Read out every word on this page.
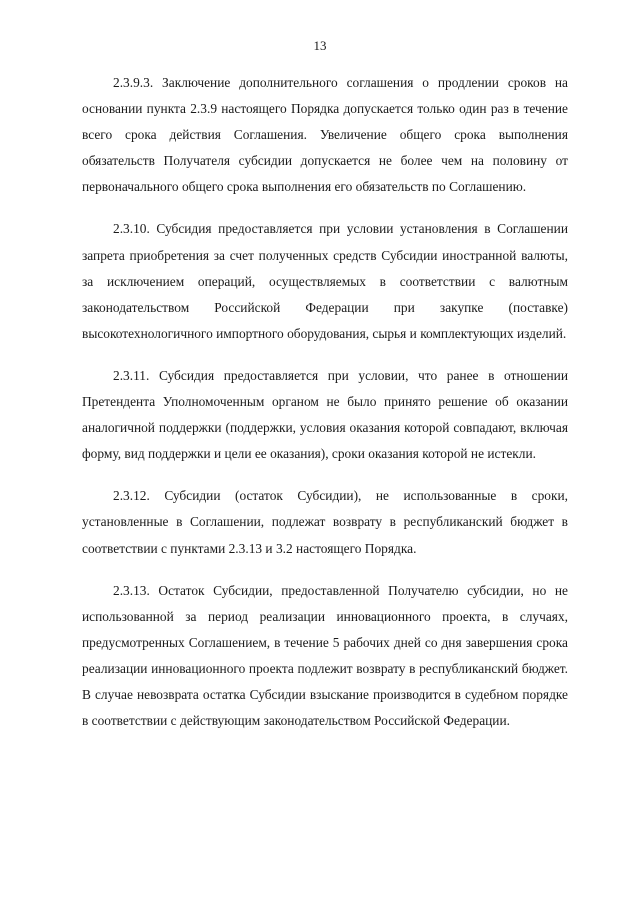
13

2.3.9.3. Заключение дополнительного соглашения о продлении сроков на основании пункта 2.3.9 настоящего Порядка допускается только один раз в течение всего срока действия Соглашения. Увеличение общего срока выполнения обязательств Получателя субсидии допускается не более чем на половину от первоначального общего срока выполнения его обязательств по Соглашению.

2.3.10. Субсидия предоставляется при условии установления в Соглашении запрета приобретения за счет полученных средств Субсидии иностранной валюты, за исключением операций, осуществляемых в соответствии с валютным законодательством Российской Федерации при закупке (поставке) высокотехнологичного импортного оборудования, сырья и комплектующих изделий.

2.3.11. Субсидия предоставляется при условии, что ранее в отношении Претендента Уполномоченным органом не было принято решение об оказании аналогичной поддержки (поддержки, условия оказания которой совпадают, включая форму, вид поддержки и цели ее оказания), сроки оказания которой не истекли.

2.3.12. Субсидии (остаток Субсидии), не использованные в сроки, установленные в Соглашении, подлежат возврату в республиканский бюджет в соответствии с пунктами 2.3.13 и 3.2 настоящего Порядка.

2.3.13. Остаток Субсидии, предоставленной Получателю субсидии, но не использованной за период реализации инновационного проекта, в случаях, предусмотренных Соглашением, в течение 5 рабочих дней со дня завершения срока реализации инновационного проекта подлежит возврату в республиканский бюджет. В случае невозврата остатка Субсидии взыскание производится в судебном порядке в соответствии с действующим законодательством Российской Федерации.
